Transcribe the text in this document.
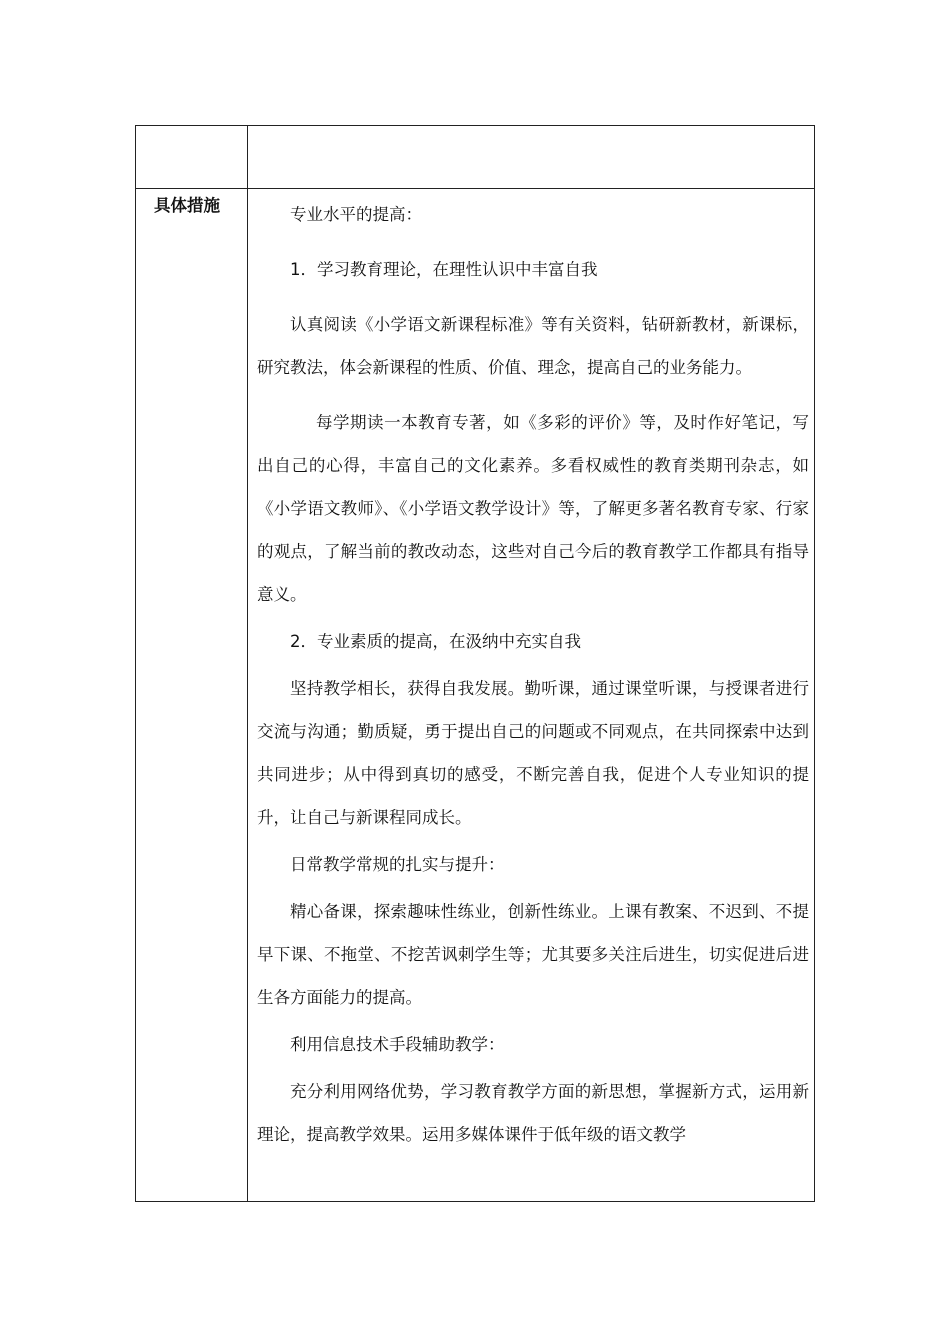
具体措施	专业水平的提高：

1．学习教育理论，在理性认识中丰富自我

认真阅读《小学语文新课程标准》等有关资料，钻研新教材，新课标，研究教法，体会新课程的性质、价值、理念，提高自己的业务能力。

每学期读一本教育专著，如《多彩的评价》等，及时作好笔记，写出自己的心得，丰富自己的文化素养。多看权威性的教育类期刊杂志，如《小学语文教师》、《小学语文教学设计》等，了解更多著名教育专家、行家的观点，了解当前的教改动态，这些对自己今后的教育教学工作都具有指导意义。

2．专业素质的提高，在汲纳中充实自我

坚持教学相长，获得自我发展。勤听课，通过课堂听课，与授课者进行交流与沟通；勤质疑，勇于提出自己的问题或不同观点，在共同探索中达到共同进步；从中得到真切的感受，不断完善自我，促进个人专业知识的提升，让自己与新课程同成长。

日常教学常规的扎实与提升：

精心备课，探索趣味性练业，创新性练业。上课有教案、不迟到、不提早下课、不拖堂、不挖苦讽刺学生等；尤其要多关注后进生，切实促进后进生各方面能力的提高。

利用信息技术手段辅助教学：

充分利用网络优势，学习教育教学方面的新思想，掌握新方式，运用新理论，提高教学效果。运用多媒体课件于低年级的语文教学
